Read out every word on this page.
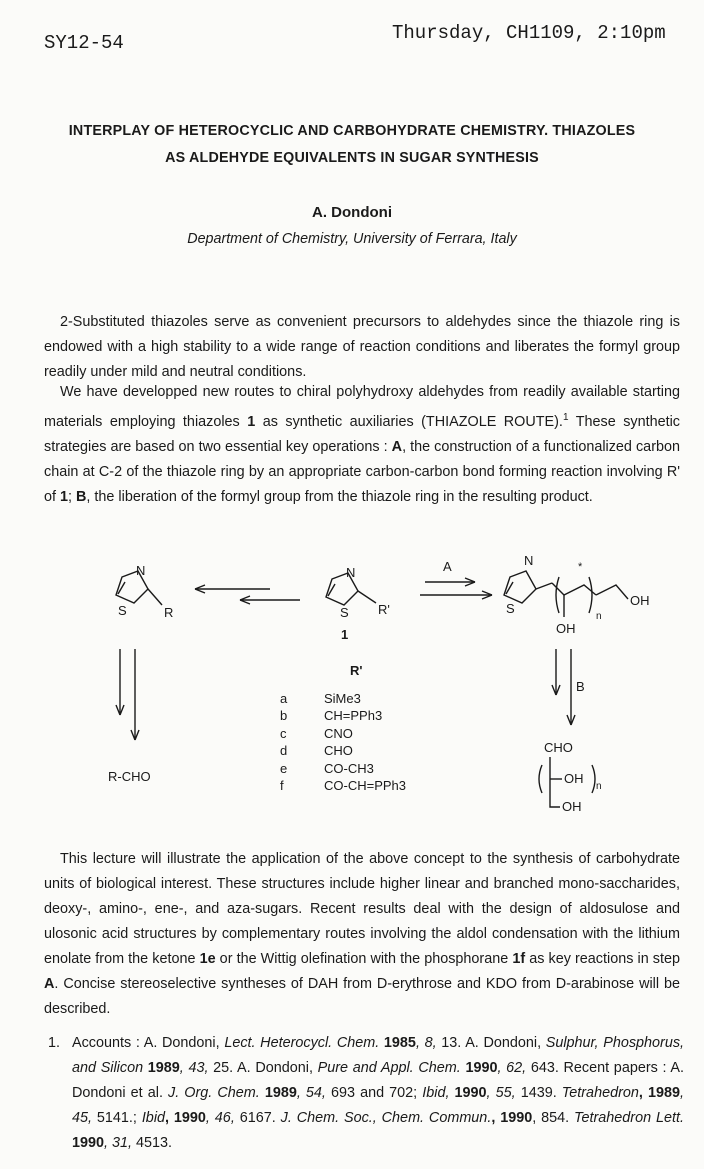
SY12-54	Thursday, CH1109, 2:10pm
INTERPLAY OF HETEROCYCLIC AND CARBOHYDRATE CHEMISTRY. THIAZOLES
AS ALDEHYDE EQUIVALENTS IN SUGAR SYNTHESIS
A. Dondoni
Department of Chemistry, University of Ferrara, Italy
2-Substituted thiazoles serve as convenient precursors to aldehydes since the thiazole ring is endowed with a high stability to a wide range of reaction conditions and liberates the formyl group readily under mild and neutral conditions.
We have developped new routes to chiral polyhydroxy aldehydes from readily available starting materials employing thiazoles 1 as synthetic auxiliaries (THIAZOLE ROUTE).$^1$ These synthetic strategies are based on two essential key operations : A, the construction of a functionalized carbon chain at C-2 of the thiazole ring by an appropriate carbon-carbon bond forming reaction involving R' of 1; B, the liberation of the formyl group from the thiazole ring in the resulting product.
N
S	R
N
S R'
1
A	N
S
*
n
OH
OH
B
R-CHO
CHO
OH
n
OH
R'
a	SiMe3
b	CH=PPh3
c	CNO
d	CHO
e	CO-CH3
f	CO-CH=PPh3
This lecture will illustrate the application of the above concept to the synthesis of carbohydrate units of biological interest. These structures include higher linear and branched mono-saccharides, deoxy-, amino-, ene-, and aza-sugars. Recent results deal with the design of aldosulose and ulosonic acid structures by complementary routes involving the aldol condensation with the lithium enolate from the ketone 1e or the Wittig olefination with the phosphorane 1f as key reactions in step A. Concise stereoselective syntheses of DAH from D-erythrose and KDO from D-arabinose will be described.
1. Accounts : A. Dondoni, Lect. Heterocycl. Chem. 1985, 8, 13. A. Dondoni, Sulphur, Phosphorus, and Silicon 1989, 43, 25. A. Dondoni, Pure and Appl. Chem. 1990, 62, 643. Recent papers : A. Dondoni et al. J. Org. Chem. 1989, 54, 693 and 702; Ibid, 1990, 55, 1439. Tetrahedron, 1989, 45, 5141.; Ibid, 1990, 46, 6167. J. Chem. Soc., Chem. Commun., 1990, 854. Tetrahedron Lett. 1990, 31, 4513.
